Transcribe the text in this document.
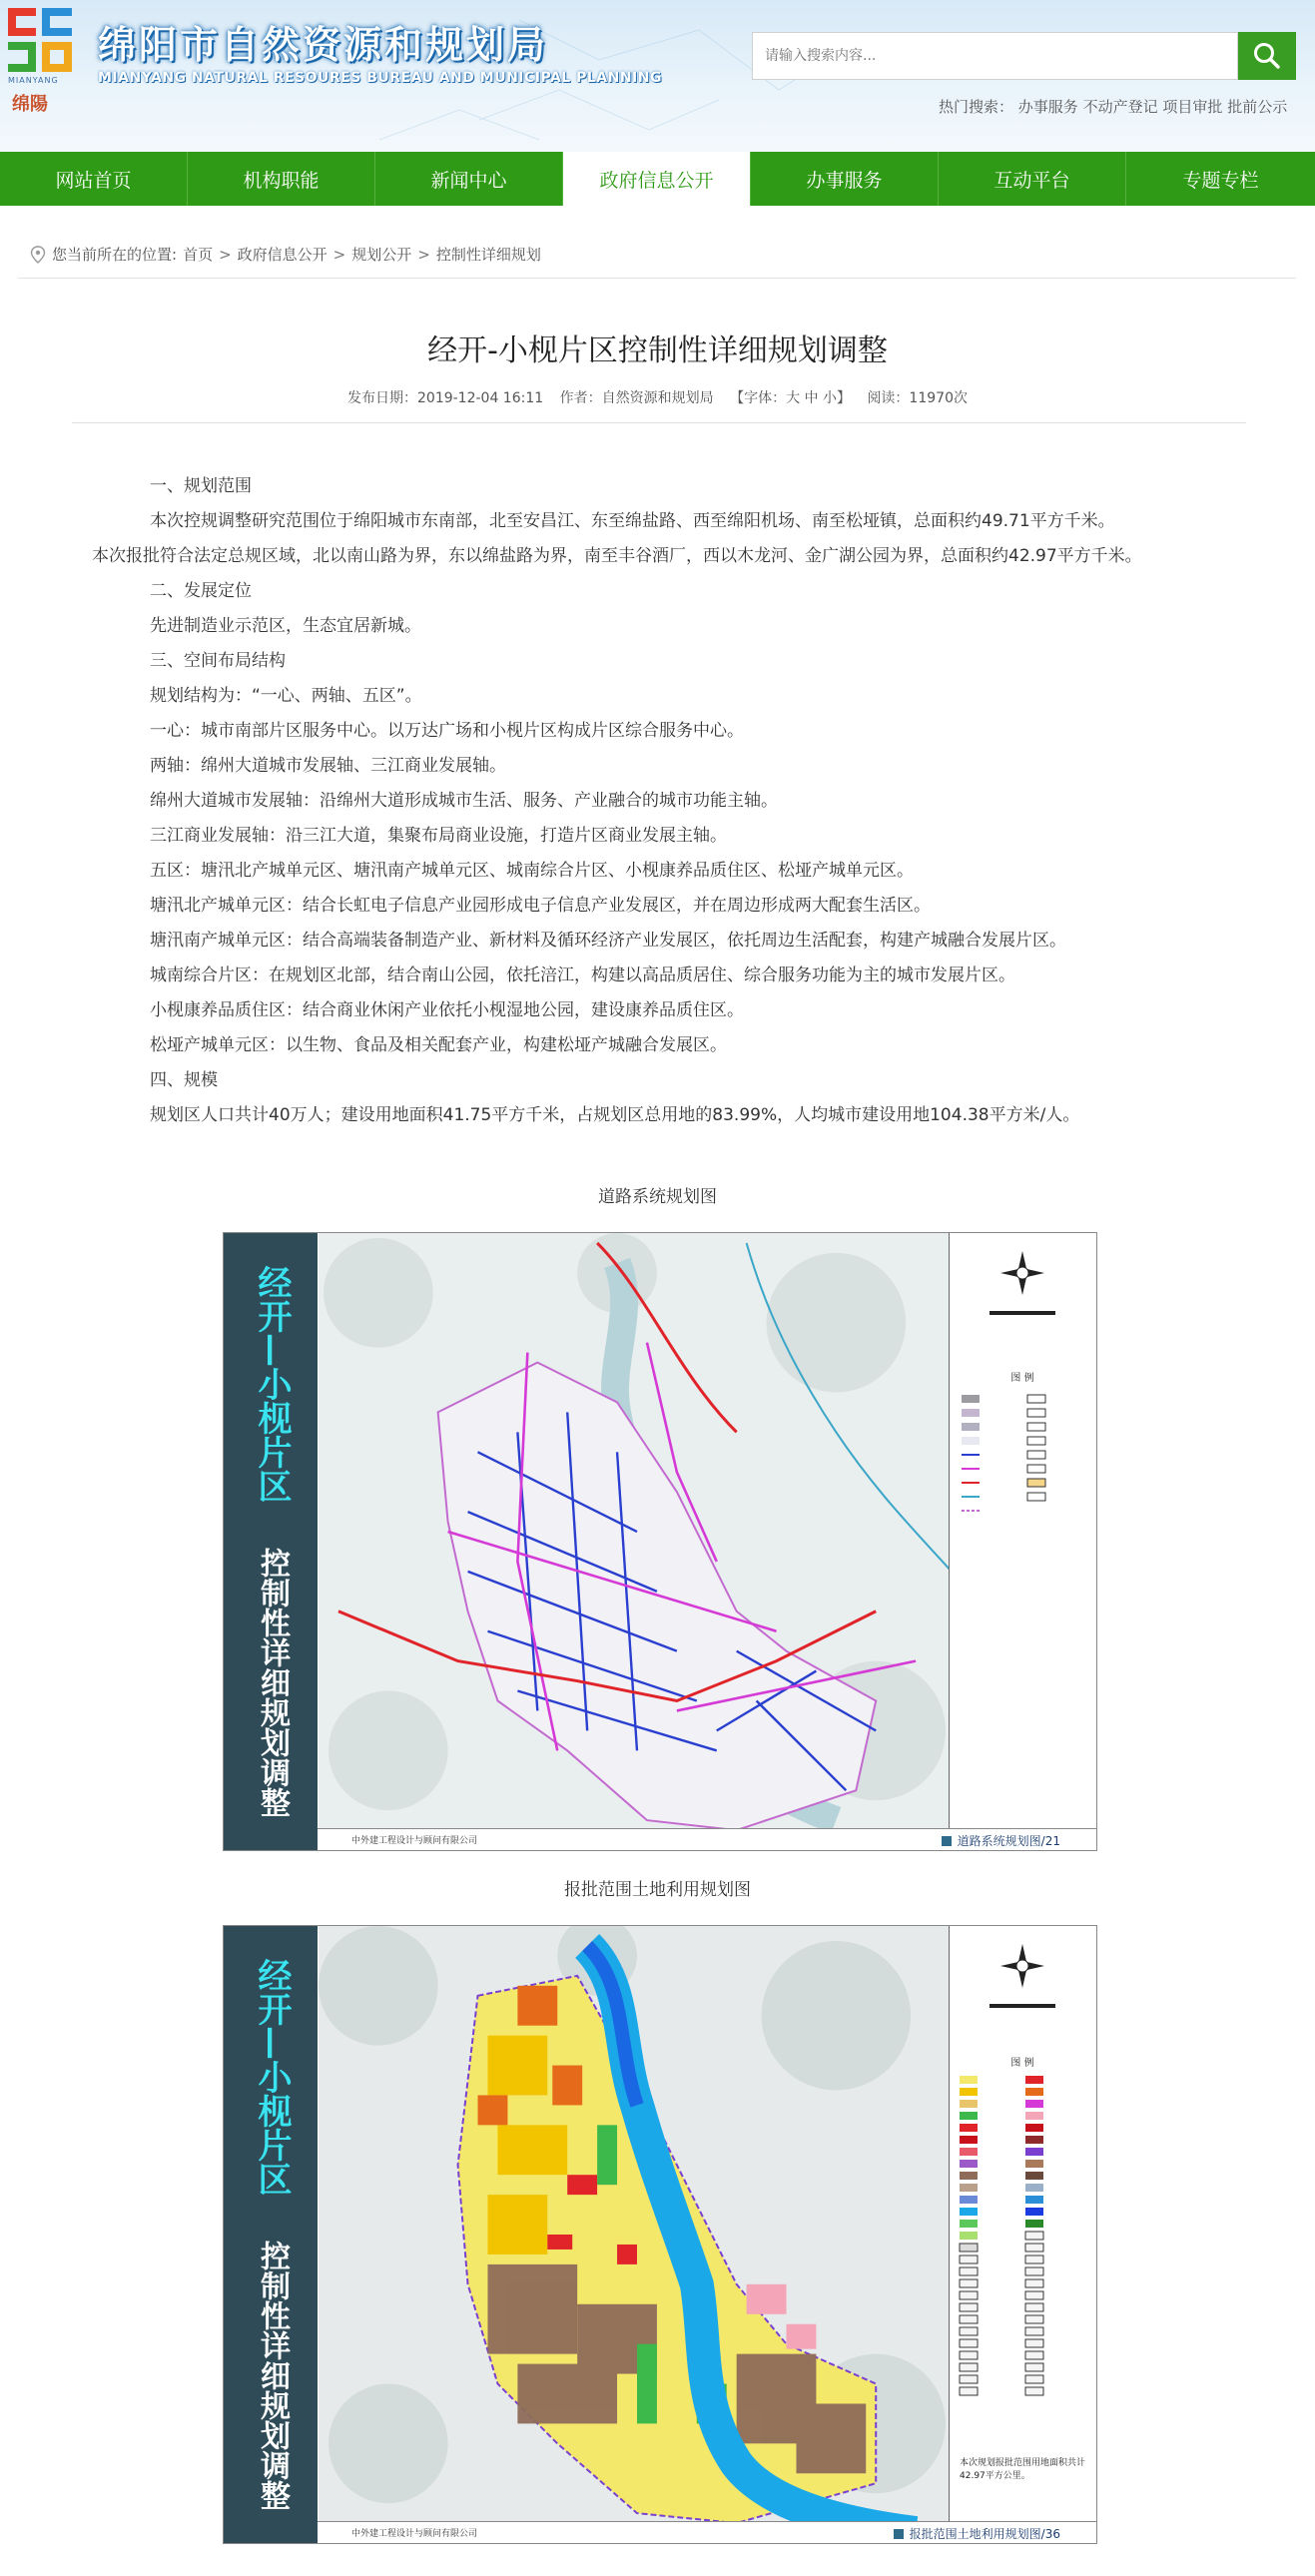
MIANYANG
绵陽
绵阳市自然资源和规划局
MIANYANG NATURAL RESOURES BUREAU AND MUNICIPAL PLANNING
请输入搜索内容...
热门搜索： 办事服务 不动产登记 项目审批 批前公示
网站首页	机构职能	新闻中心	政府信息公开	办事服务	互动平台	专题专栏
您当前所在的位置: 首页 > 政府信息公开 > 规划公开 > 控制性详细规划
经开-小枧片区控制性详细规划调整
发布日期：2019-12-04 16:11 作者：自然资源和规划局 【字体：大 中 小】 阅读：11970次

一、规划范围

本次控规调整研究范围位于绵阳城市东南部，北至安昌江、东至绵盐路、西至绵阳机场、南至松垭镇，总面积约49.71平方千米。

本次报批符合法定总规区域，北以南山路为界，东以绵盐路为界，南至丰谷酒厂，西以木龙河、金广湖公园为界，总面积约42.97平方千米。

二、发展定位

先进制造业示范区，生态宜居新城。

三、空间布局结构

规划结构为：“一心、两轴、五区”。

一心：城市南部片区服务中心。以万达广场和小枧片区构成片区综合服务中心。

两轴：绵州大道城市发展轴、三江商业发展轴。

绵州大道城市发展轴：沿绵州大道形成城市生活、服务、产业融合的城市功能主轴。

三江商业发展轴：沿三江大道，集聚布局商业设施，打造片区商业发展主轴。

五区：塘汛北产城单元区、塘汛南产城单元区、城南综合片区、小枧康养品质住区、松垭产城单元区。

塘汛北产城单元区：结合长虹电子信息产业园形成电子信息产业发展区，并在周边形成两大配套生活区。

塘汛南产城单元区：结合高端装备制造产业、新材料及循环经济产业发展区，依托周边生活配套，构建产城融合发展片区。

城南综合片区：在规划区北部，结合南山公园，依托涪江，构建以高品质居住、综合服务功能为主的城市发展片区。

小枧康养品质住区：结合商业休闲产业依托小枧湿地公园，建设康养品质住区。

松垭产城单元区：以生物、食品及相关配套产业，构建松垭产城融合发展区。

四、规模

规划区人口共计40万人；建设用地面积41.75平方千米，占规划区总用地的83.99%，人均城市建设用地104.38平方米/人。

道路系统规划图
经开—小枧片区
控制性详细规划调整
图 例
中外建工程设计与顾问有限公司	道路系统规划图/21
报批范围土地利用规划图
经开—小枧片区
控制性详细规划调整
图 例
本次规划报批范围用地面积共计42.97平方公里。
中外建工程设计与顾问有限公司	报批范围土地利用规划图/36
